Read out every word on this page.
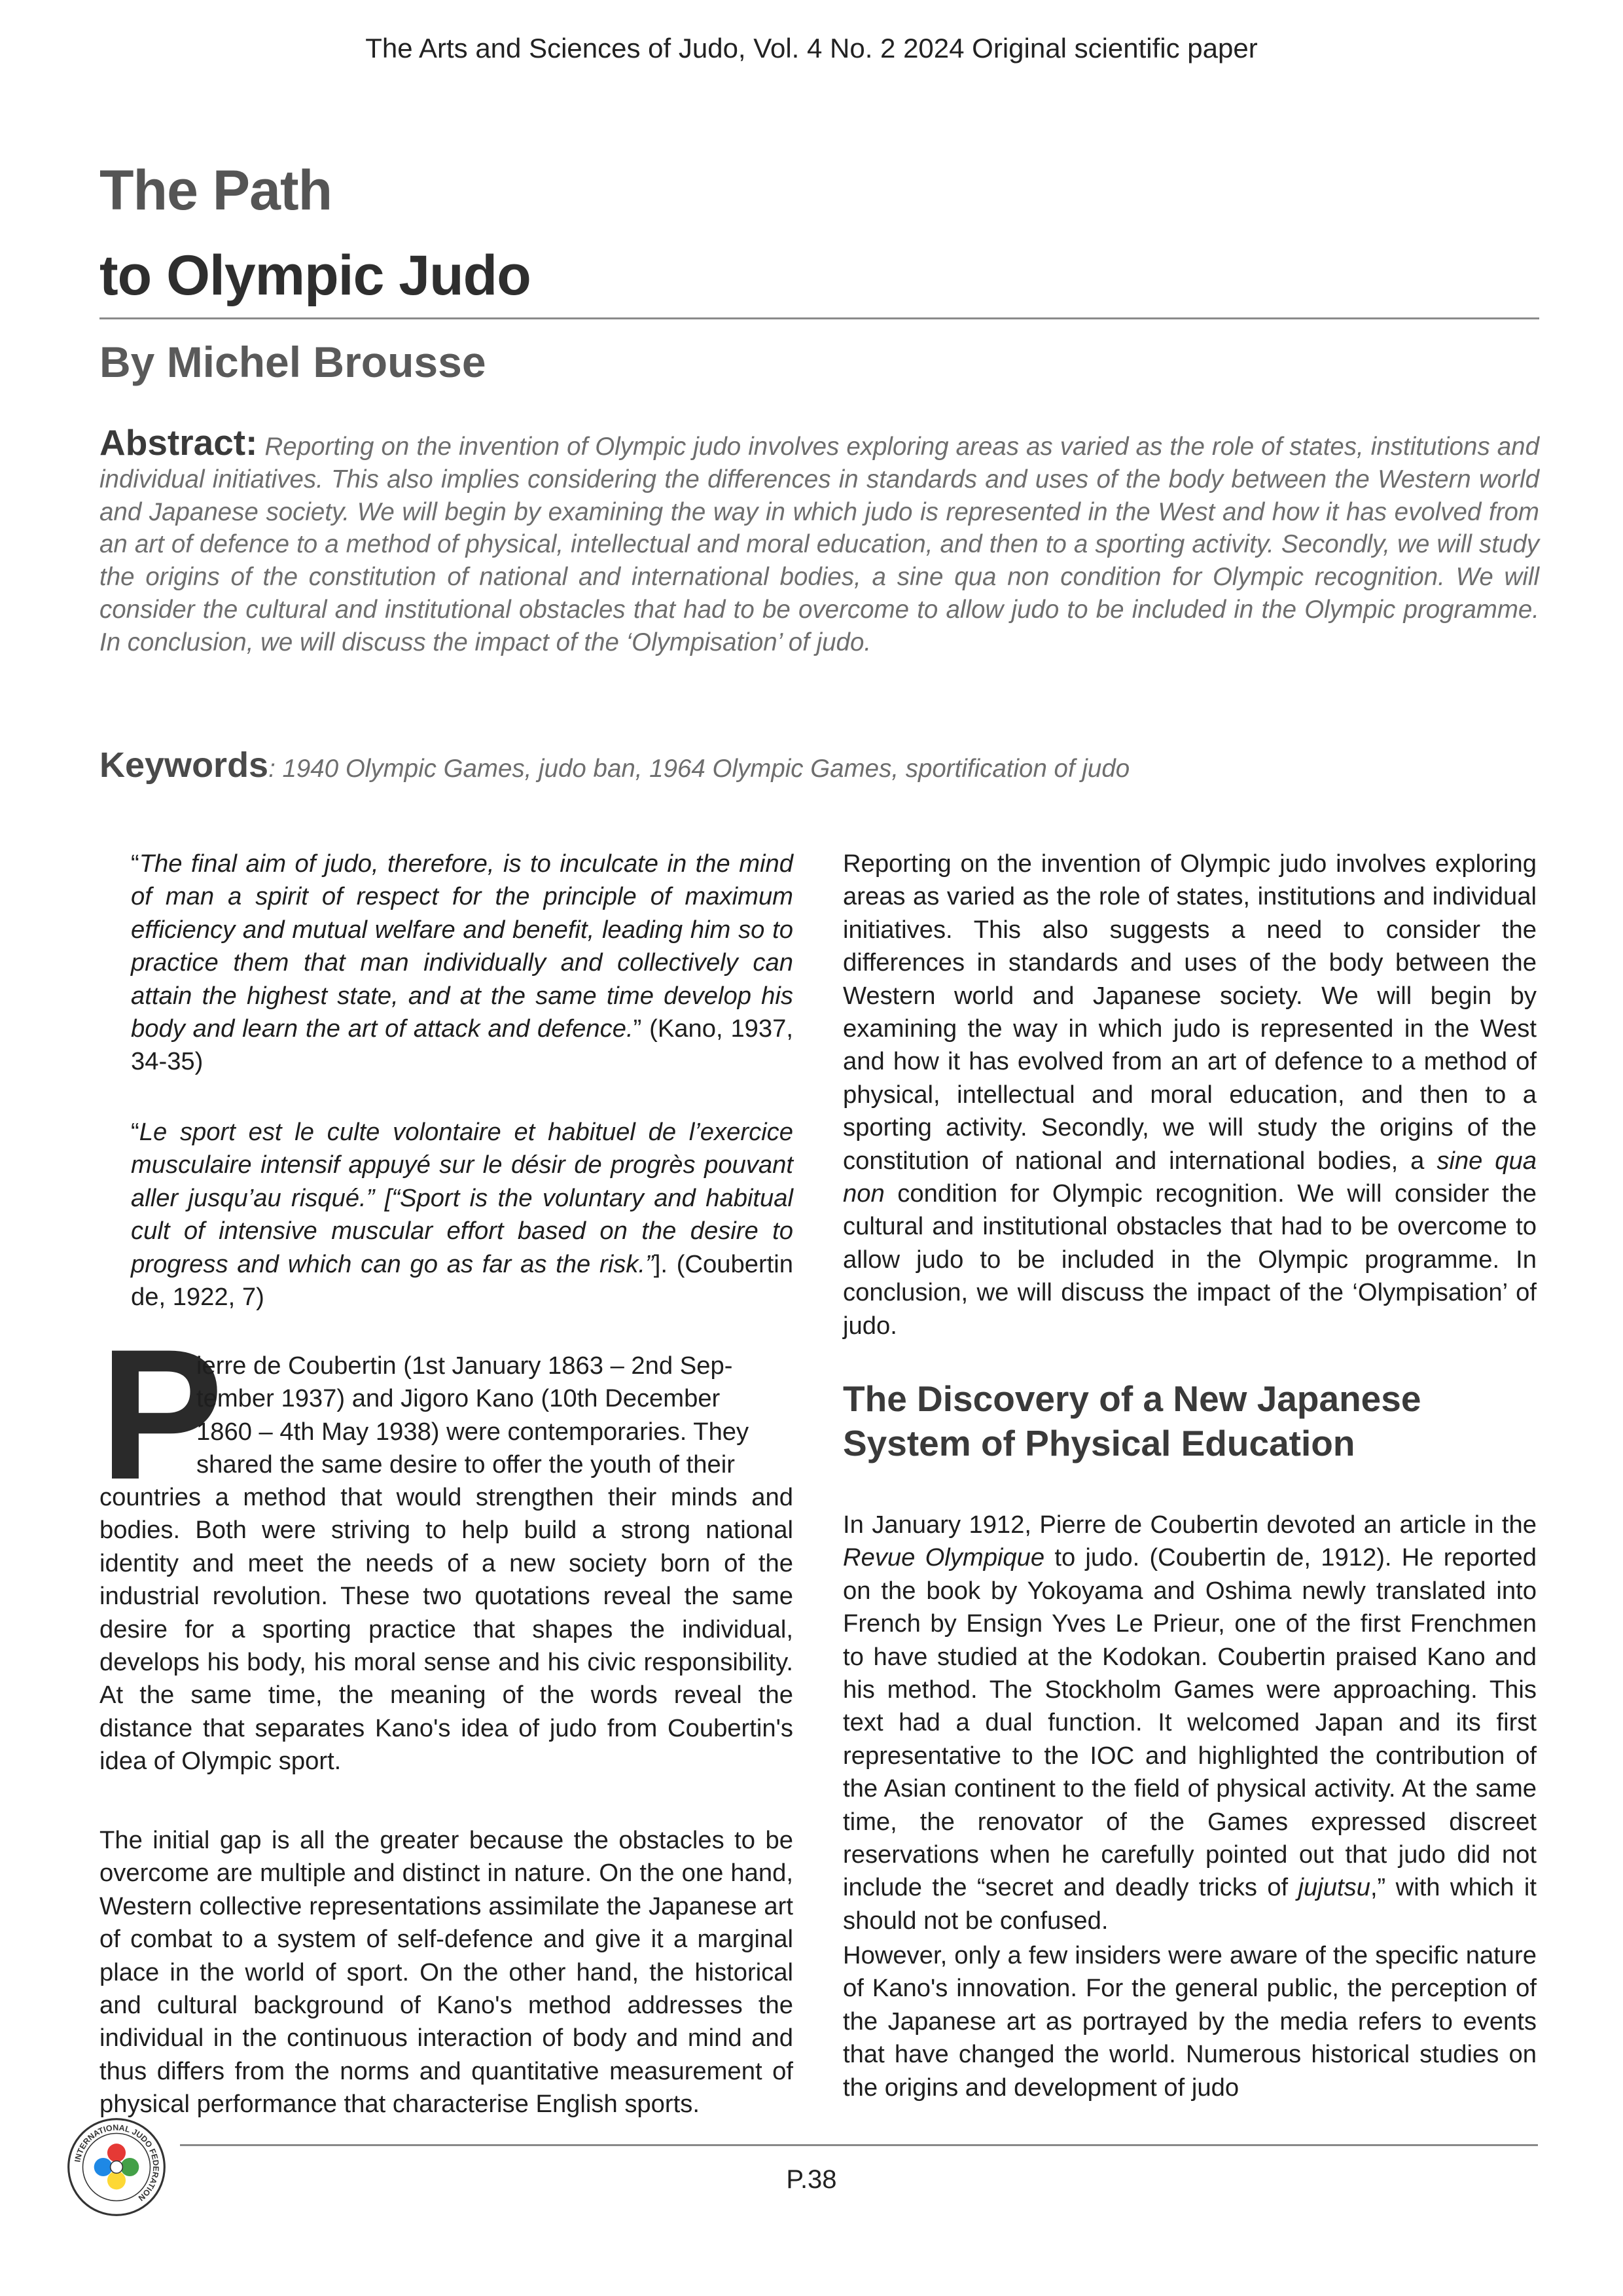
The Arts and Sciences of Judo, Vol. 4 No. 2 2024 Original scientific paper
The Path
to Olympic Judo
By Michel Brousse
Abstract: Reporting on the invention of Olympic judo involves exploring areas as varied as the role of states, institutions and individual initiatives. This also implies considering the differences in standards and uses of the body between the Western world and Japanese society. We will begin by examining the way in which judo is represented in the West and how it has evolved from an art of defence to a method of physical, intellectual and moral education, and then to a sporting activity. Secondly, we will study the origins of the constitution of national and international bodies, a sine qua non condition for Olympic recognition. We will consider the cultural and institutional obstacles that had to be overcome to allow judo to be included in the Olympic programme. In conclusion, we will discuss the impact of the ‘Olympisation’ of judo.
Keywords: 1940 Olympic Games, judo ban, 1964 Olympic Games, sportification of judo
“The final aim of judo, therefore, is to inculcate in the mind of man a spirit of respect for the principle of maximum efficiency and mutual welfare and benefit, leading him so to practice them that man individually and collectively can attain the highest state, and at the same time develop his body and learn the art of attack and defence.” (Kano, 1937, 34-35)
“Le sport est le culte volontaire et habituel de l’exercice musculaire intensif appuyé sur le désir de progrès pouvant aller jusqu’au risqué.” [“Sport is the voluntary and habitual cult of intensive muscular effort based on the desire to progress and which can go as far as the risk.”]. (Coubertin de, 1922, 7)
P
ierre de Coubertin (1st January 1863 – 2nd Sep-
tember 1937) and Jigoro Kano (10th December
1860 – 4th May 1938) were contemporaries. They
shared the same desire to offer the youth of their

countries a method that would strengthen their minds and bodies. Both were striving to help build a strong national identity and meet the needs of a new society born of the industrial revolution. These two quotations reveal the same desire for a sporting practice that shapes the individual, develops his body, his moral sense and his civic responsibility. At the same time, the meaning of the words reveal the distance that separates Kano's idea of judo from Coubertin's idea of Olympic sport.

The initial gap is all the greater because the obstacles to be overcome are multiple and distinct in nature. On the one hand, Western collective representations assimilate the Japanese art of combat to a system of self-defence and give it a marginal place in the world of sport. On the other hand, the historical and cultural background of Kano's method addresses the individual in the continuous interaction of body and mind and thus differs from the norms and quantitative measurement of physical performance that characterise English sports.

Reporting on the invention of Olympic judo involves exploring areas as varied as the role of states, institutions and individual initiatives. This also suggests a need to consider the differences in standards and uses of the body between the Western world and Japanese society. We will begin by examining the way in which judo is represented in the West and how it has evolved from an art of defence to a method of physical, intellectual and moral education, and then to a sporting activity. Secondly, we will study the origins of the constitution of national and international bodies, a sine qua non condition for Olympic recognition. We will consider the cultural and institutional obstacles that had to be overcome to allow judo to be included in the Olympic programme. In conclusion, we will discuss the impact of the ‘Olympisation’ of judo.
The Discovery of a New Japanese
System of Physical Education
In January 1912, Pierre de Coubertin devoted an article in the Revue Olympique to judo. (Coubertin de, 1912). He reported on the book by Yokoyama and Oshima newly translated into French by Ensign Yves Le Prieur, one of the first Frenchmen to have studied at the Kodokan. Coubertin praised Kano and his method. The Stockholm Games were approaching. This text had a dual function. It welcomed Japan and its first representative to the IOC and highlighted the contribution of the Asian continent to the field of physical activity. At the same time, the renovator of the Games expressed discreet reservations when he carefully pointed out that judo did not include the “secret and deadly tricks of jujutsu,” with which it should not be confused.

However, only a few insiders were aware of the specific nature of Kano's innovation. For the general public, the perception of the Japanese art as portrayed by the media refers to events that have changed the world. Numerous historical studies on the origins and development of judo

INTERNATIONAL JUDO FEDERATION
P.38
